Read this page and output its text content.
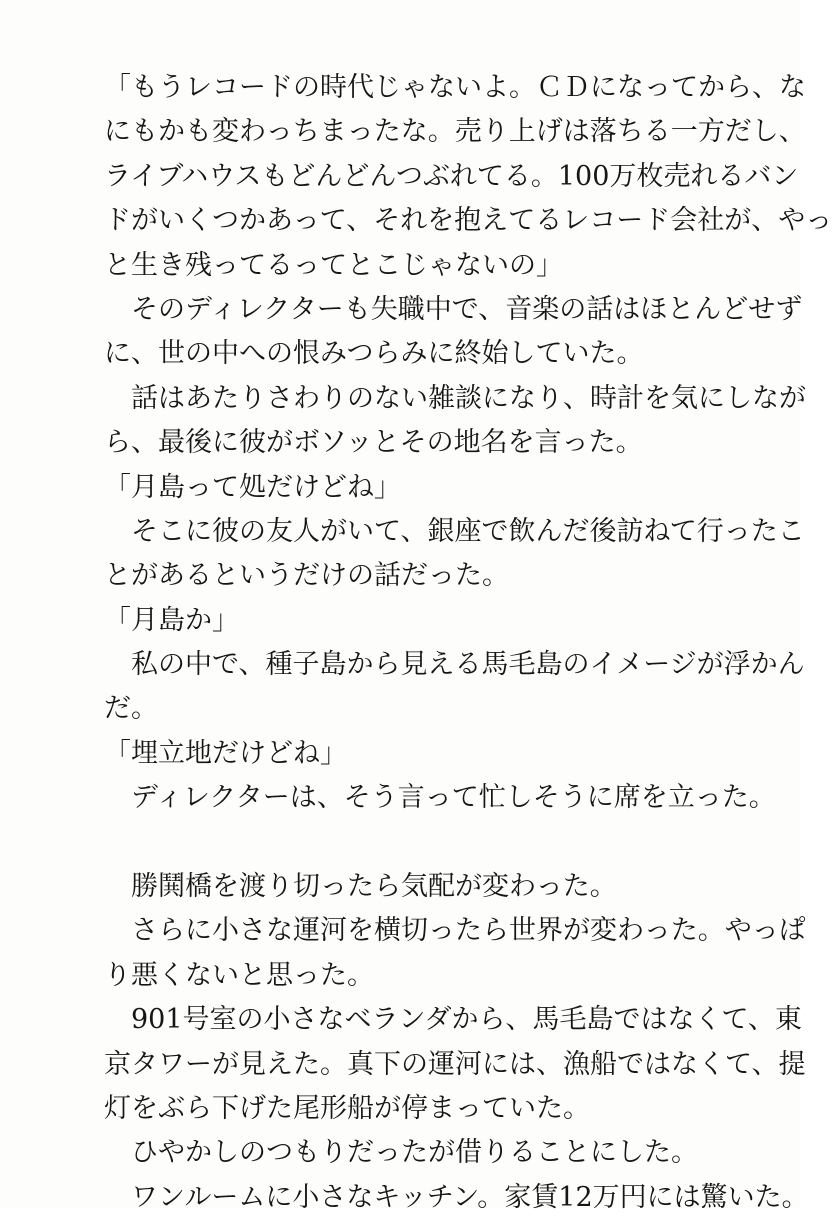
「もうレコードの時代じゃないよ。ＣＤになってから、な
にもかも変わっちまったな。売り上げは落ちる一方だし、
ライブハウスもどんどんつぶれてる。100万枚売れるバン
ドがいくつかあって、それを抱えてるレコード会社が、やっ
と生き残ってるってとこじゃないの」
　そのディレクターも失職中で、音楽の話はほとんどせず
に、世の中への恨みつらみに終始していた。
　話はあたりさわりのない雑談になり、時計を気にしなが
ら、最後に彼がボソッとその地名を言った。
「月島って処だけどね」
　そこに彼の友人がいて、銀座で飲んだ後訪ねて行ったこ
とがあるというだけの話だった。
「月島か」
　私の中で、種子島から見える馬毛島のイメージが浮かん
だ。
「埋立地だけどね」
　ディレクターは、そう言って忙しそうに席を立った。
　勝鬨橋を渡り切ったら気配が変わった。
　さらに小さな運河を横切ったら世界が変わった。やっぱ
り悪くないと思った。
　901号室の小さなベランダから、馬毛島ではなくて、東
京タワーが見えた。真下の運河には、漁船ではなくて、提
灯をぶら下げた尾形船が停まっていた。
　ひやかしのつもりだったが借りることにした。
　ワンルームに小さなキッチン。家賃12万円には驚いた。
